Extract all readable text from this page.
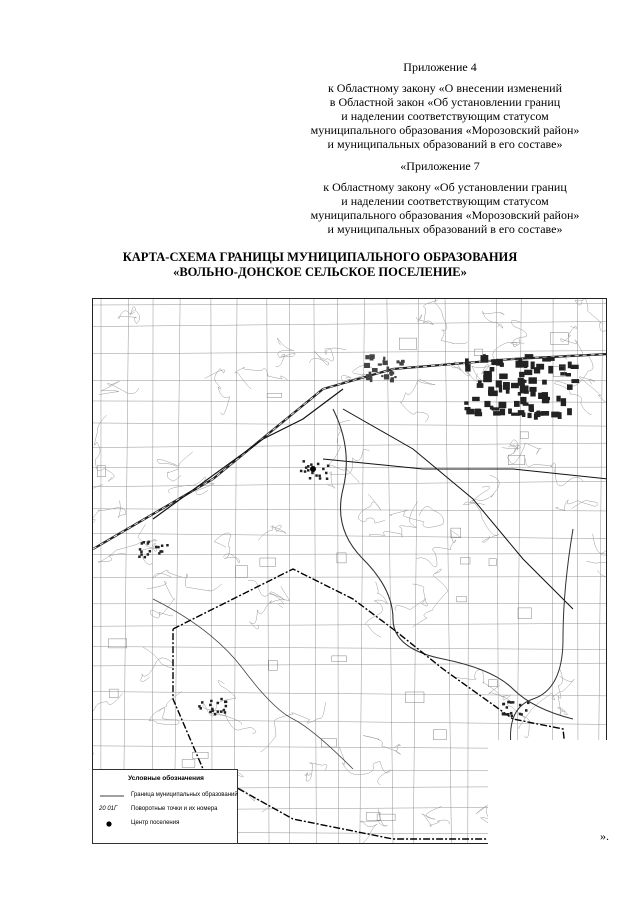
Приложение 4
к Областному закону «О внесении изменений
в Областной закон «Об установлении границ
и наделении соответствующим статусом
муниципального образования «Морозовский район»
и муниципальных образований в его составе»
«Приложение 7
к Областному закону «Об установлении границ
и наделении соответствующим статусом
муниципального образования «Морозовский район»
и муниципальных образований в его составе»
КАРТА-СХЕМА ГРАНИЦЫ МУНИЦИПАЛЬНОГО ОБРАЗОВАНИЯ
«ВОЛЬНО-ДОНСКОЕ СЕЛЬСКОЕ ПОСЕЛЕНИЕ»
Условные обозначения
Граница муниципальных образований
20 01Г	Поворотные точки и их номера
Центр поселения
».
